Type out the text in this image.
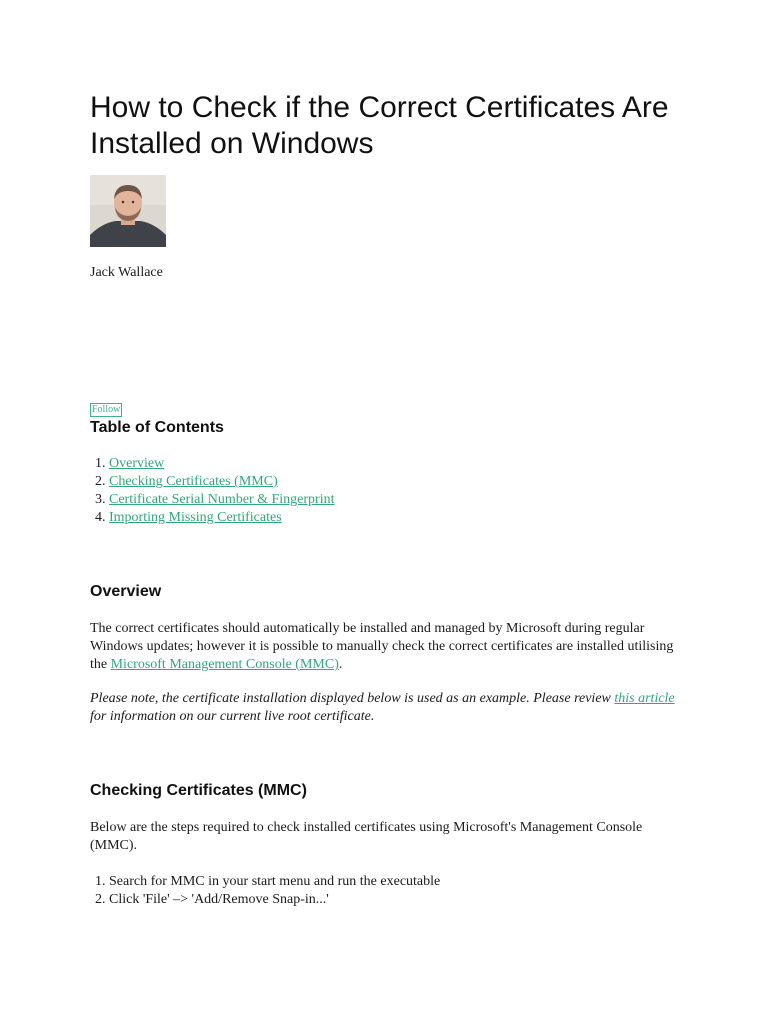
How to Check if the Correct Certificates Are Installed on Windows
Jack Wallace
Follow
Table of Contents
1. Overview
2. Checking Certificates (MMC)
3. Certificate Serial Number & Fingerprint
4. Importing Missing Certificates
Overview

The correct certificates should automatically be installed and managed by Microsoft during regular Windows updates; however it is possible to manually check the correct certificates are installed utilising the Microsoft Management Console (MMC).

Please note, the certificate installation displayed below is used as an example. Please review this article for information on our current live root certificate.

Checking Certificates (MMC)

Below are the steps required to check installed certificates using Microsoft's Management Console (MMC).

1. Search for MMC in your start menu and run the executable
2. Click 'File' –> 'Add/Remove Snap-in...'
